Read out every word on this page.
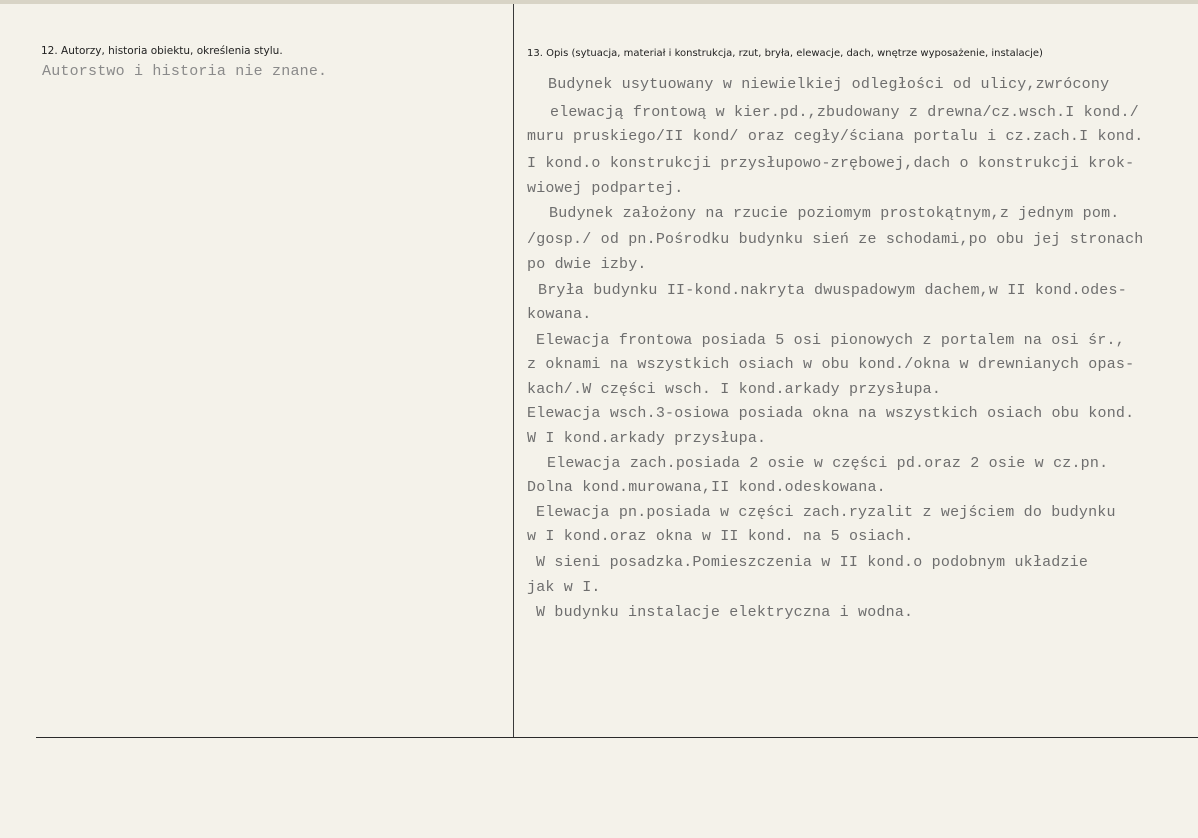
12. Autorzy, historia obiektu, określenia stylu.
Autorstwo i historia nie znane.
13. Opis (sytuacja, materiał i konstrukcja, rzut, bryła, elewacje, dach, wnętrze wyposażenie, instalacje)
Budynek usytuowany w niewielkiej odległości od ulicy,zwrócony
elewacją frontową w kier.pd.,zbudowany z drewna/cz.wsch.I kond./
muru pruskiego/II kond/ oraz cegły/ściana portalu i cz.zach.I kond.
I kond.o konstrukcji przysłupowo-zrębowej,dach o konstrukcji krok-
wiowej podpartej.
Budynek założony na rzucie poziomym prostokątnym,z jednym pom.
/gosp./ od pn.Pośrodku budynku sień ze schodami,po obu jej stronach
po dwie izby.
Bryła budynku II-kond.nakryta dwuspadowym dachem,w II kond.odes-
kowana.
Elewacja frontowa posiada 5 osi pionowych z portalem na osi śr.,
z oknami na wszystkich osiach w obu kond./okna w drewnianych opas-
kach/.W części wsch. I kond.arkady przysłupa.
Elewacja wsch.3-osiowa posiada okna na wszystkich osiach obu kond.
W I kond.arkady przysłupa.
Elewacja zach.posiada 2 osie w części pd.oraz 2 osie w cz.pn.
Dolna kond.murowana,II kond.odeskowana.
Elewacja pn.posiada w części zach.ryzalit z wejściem do budynku
w I kond.oraz okna w II kond. na 5 osiach.
W sieni posadzka.Pomieszczenia w II kond.o podobnym układzie
jak w I.
W budynku instalacje elektryczna i wodna.
